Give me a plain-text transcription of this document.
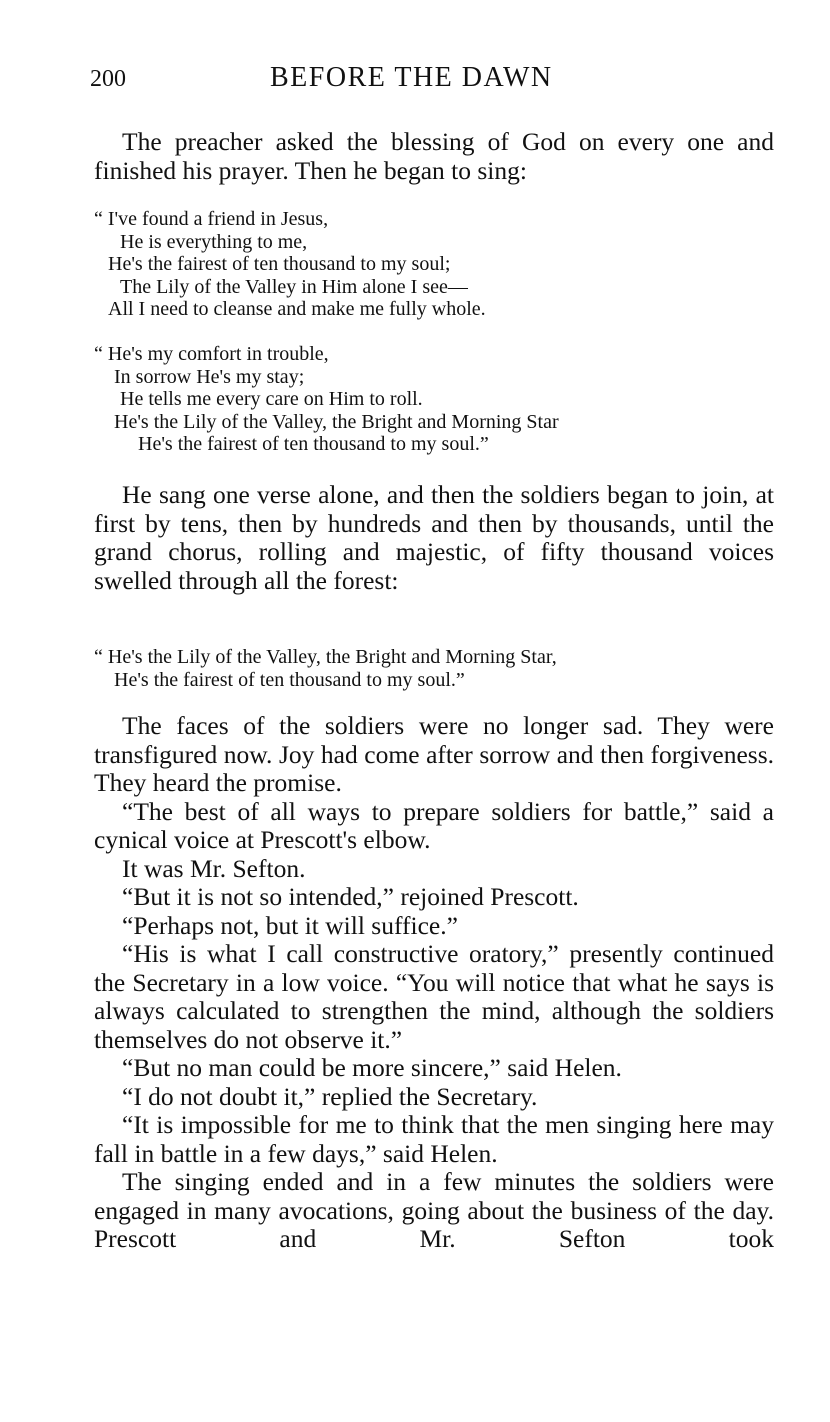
200	BEFORE THE DAWN

The preacher asked the blessing of God on every one and finished his prayer. Then he began to sing:

“ I've found a friend in Jesus,
He is everything to me,
He's the fairest of ten thousand to my soul;
The Lily of the Valley in Him alone I see—
All I need to cleanse and make me fully whole.
“ He's my comfort in trouble,
In sorrow He's my stay;
He tells me every care on Him to roll.
He's the Lily of the Valley, the Bright and Morning Star
He's the fairest of ten thousand to my soul.”

He sang one verse alone, and then the soldiers began to join, at first by tens, then by hundreds and then by thousands, until the grand chorus, rolling and majestic, of fifty thousand voices swelled through all the forest:

“ He's the Lily of the Valley, the Bright and Morning Star,
He's the fairest of ten thousand to my soul.”

The faces of the soldiers were no longer sad. They were transfigured now. Joy had come after sorrow and then forgiveness. They heard the promise.

“The best of all ways to prepare soldiers for battle,” said a cynical voice at Prescott's elbow.

It was Mr. Sefton.

“But it is not so intended,” rejoined Prescott.

“Perhaps not, but it will suffice.”

“His is what I call constructive oratory,” presently continued the Secretary in a low voice. “You will notice that what he says is always calculated to strengthen the mind, although the soldiers themselves do not observe it.”

“But no man could be more sincere,” said Helen.

“I do not doubt it,” replied the Secretary.

“It is impossible for me to think that the men singing here may fall in battle in a few days,” said Helen.

The singing ended and in a few minutes the soldiers were engaged in many avocations, going about the business of the day. Prescott and Mr. Sefton took
